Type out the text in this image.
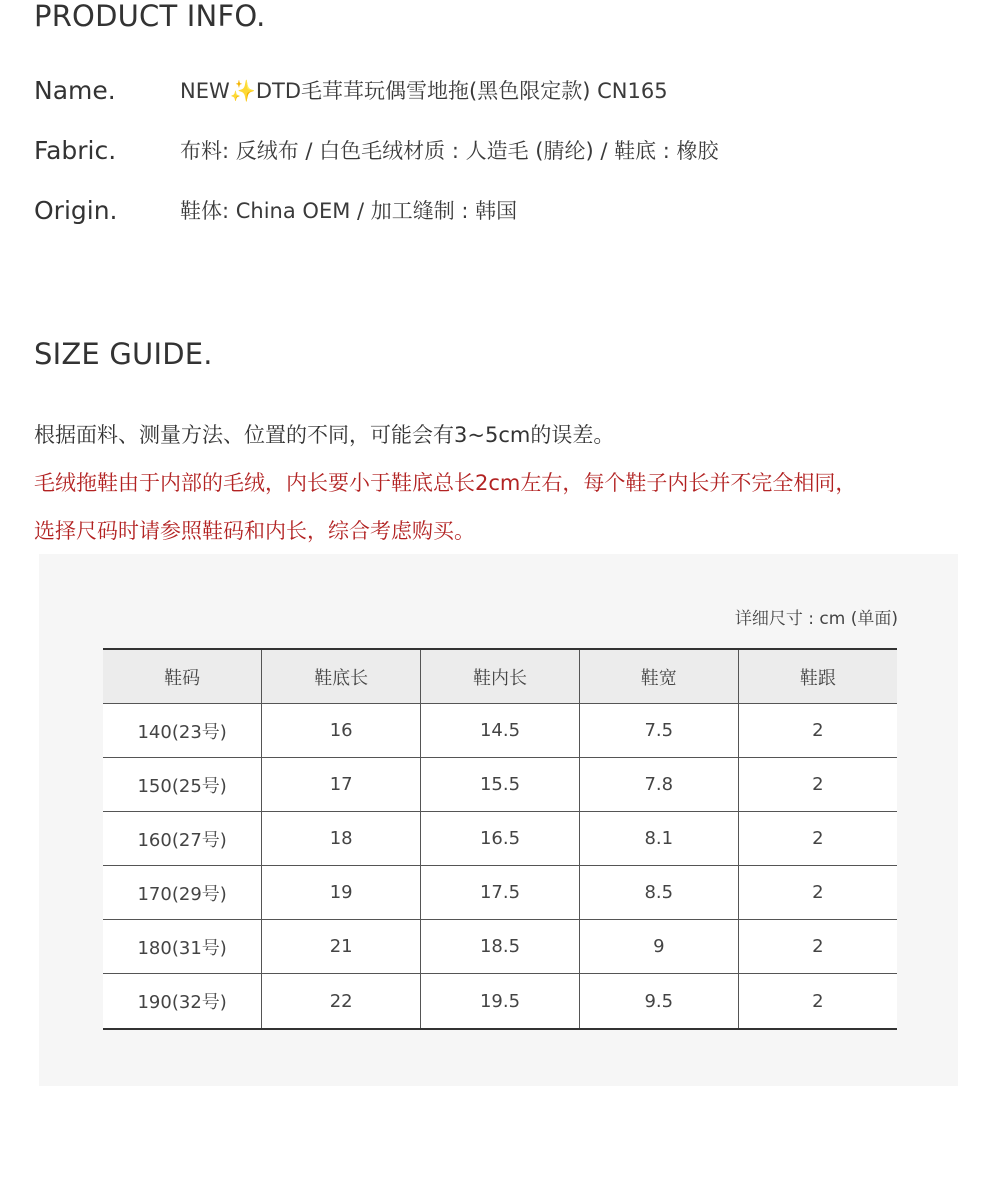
PRODUCT INFO.
Name.	NEW✨DTD毛茸茸玩偶雪地拖(黑色限定款) CN165
Fabric.	布料: 反绒布 / 白色毛绒材质 : 人造毛 (腈纶) / 鞋底 : 橡胶
Origin.	鞋体: China OEM / 加工缝制 : 韩国
SIZE GUIDE.
根据面料、测量方法、位置的不同，可能会有3~5cm的误差。
毛绒拖鞋由于内部的毛绒，内长要小于鞋底总长2cm左右，每个鞋子内长并不完全相同，
选择尺码时请参照鞋码和内长，综合考虑购买。
详细尺寸 : cm (单面)
鞋码	鞋底长	鞋内长	鞋宽	鞋跟
140(23号)	16	14.5	7.5	2
150(25号)	17	15.5	7.8	2
160(27号)	18	16.5	8.1	2
170(29号)	19	17.5	8.5	2
180(31号)	21	18.5	9	2
190(32号)	22	19.5	9.5	2
